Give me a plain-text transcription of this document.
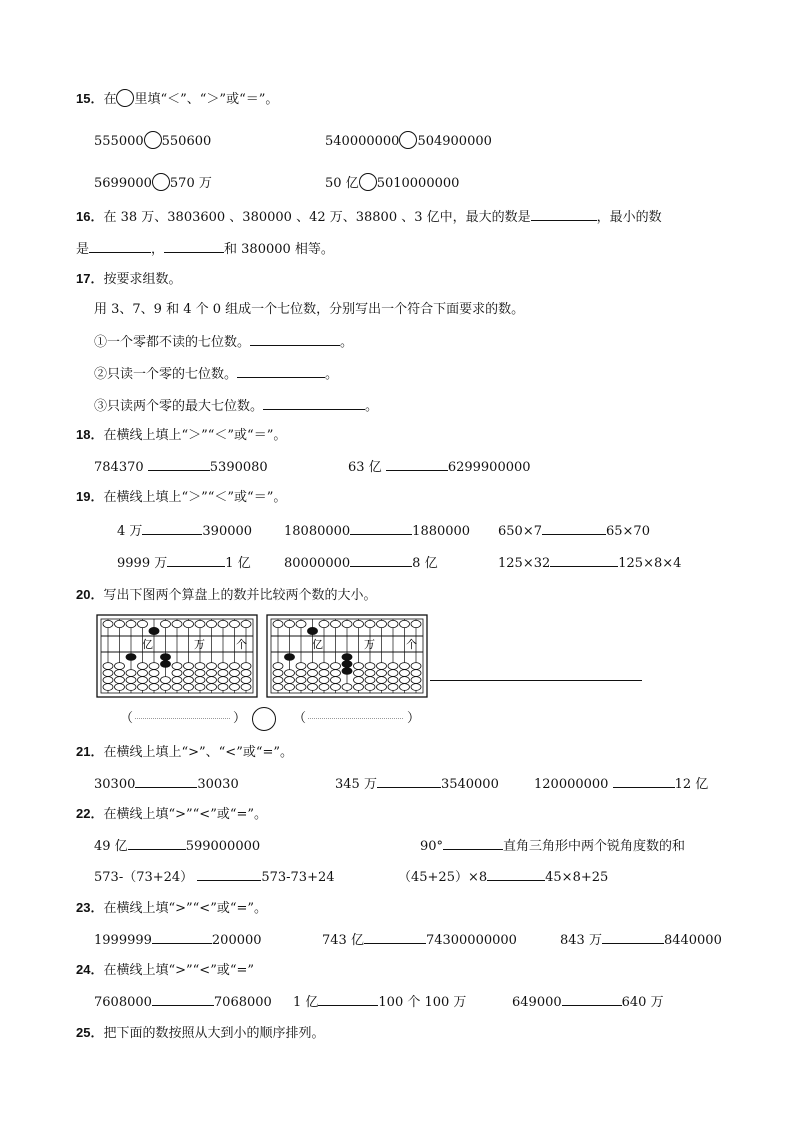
15．在 里填“＜”、“＞”或“＝”。
555000 550600	540000000 504900000
5699000 570 万	50 亿 5010000000
16．在 38 万、3803600 、380000 、42 万、38800 、3 亿中，最大的数是	，最小的数
是	，	和 380000 相等。
17．按要求组数。
用 3、7、9 和 4 个 0 组成一个七位数，分别写出一个符合下面要求的数。
①一个零都不读的七位数。	。
②只读一个零的七位数。	。
③只读两个零的最大七位数。	。
18．在横线上填上“＞”“＜”或“＝”。
784370	5390080	63 亿	6299900000
19．在横线上填上“＞”“＜”或“＝”。
4 万	390000 18080000	1880000 650×7	65×70
9999 万	1 亿	80000000	8 亿	125×32	125×8×4
20．写出下图两个算盘上的数并比较两个数的大小。
亿	万	个	亿	万	个
（	）	（	）
21．在横线上填上“>”、“<”或“=”。
30300	30030	345 万	3540000	120000000	12 亿
22．在横线上填“>”“<”或“=”。
49 亿	599000000	90°	直角三角形中两个锐角度数的和
573-（73+24）	573-73+24	（45+25）×8	45×8+25
23．在横线上填“>”“<”或“=”。
1999999	200000	743 亿	74300000000	843 万	8440000
24．在横线上填“>”“<”或“=”
7608000	7068000 1 亿	100 个 100 万	649000	640 万
25．把下面的数按照从大到小的顺序排列。
